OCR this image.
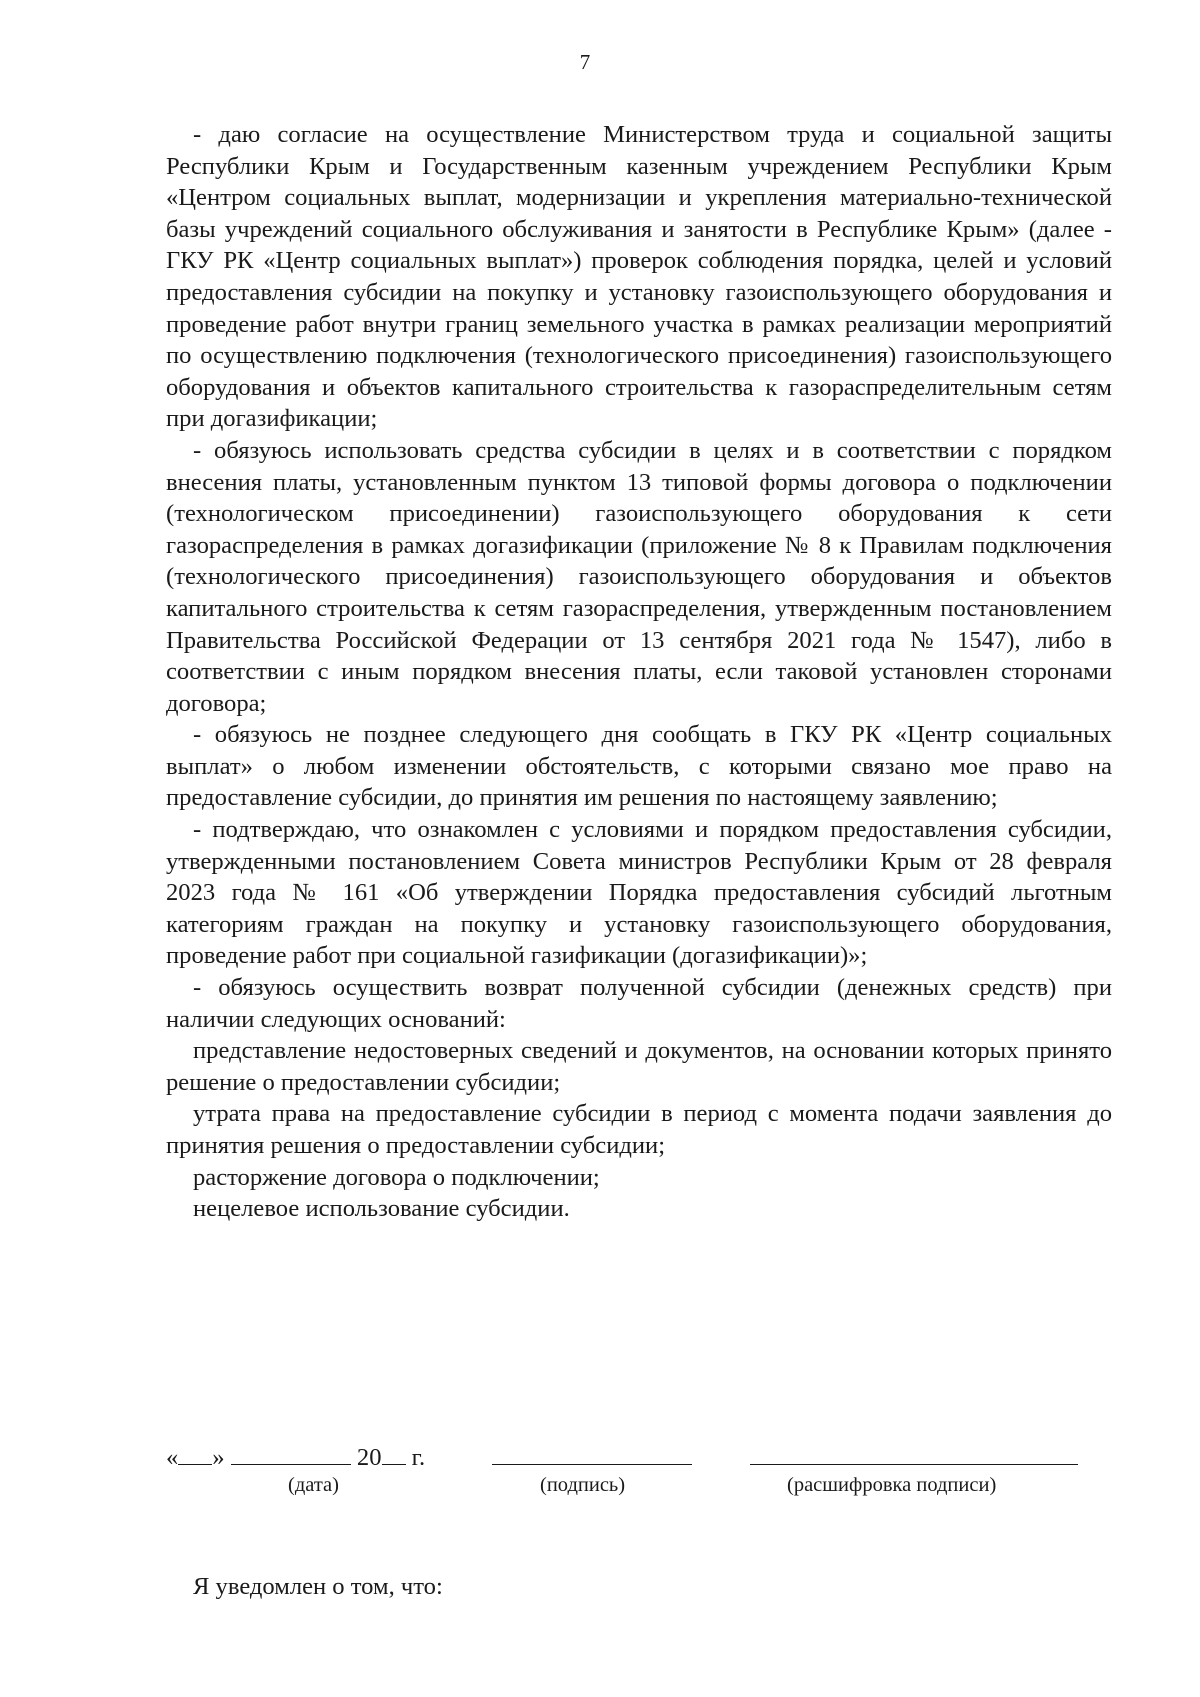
7

- даю согласие на осуществление Министерством труда и социальной защиты Республики Крым и Государственным казенным учреждением Республики Крым «Центром социальных выплат, модернизации и укрепления материально-технической базы учреждений социального обслуживания и занятости в Республике Крым» (далее - ГКУ РК «Центр социальных выплат») проверок соблюдения порядка, целей и условий предоставления субсидии на покупку и установку газоиспользующего оборудования и проведение работ внутри границ земельного участка в рамках реализации мероприятий по осуществлению подключения (технологического присоединения) газоиспользующего оборудования и объектов капитального строительства к газораспределительным сетям при догазификации;

- обязуюсь использовать средства субсидии в целях и в соответствии с порядком внесения платы, установленным пунктом 13 типовой формы договора о подключении (технологическом присоединении) газоиспользующего оборудования к сети газораспределения в рамках догазификации (приложение № 8 к Правилам подключения (технологического присоединения) газоиспользующего оборудования и объектов капитального строительства к сетям газораспределения, утвержденным постановлением Правительства Российской Федерации от 13 сентября 2021 года № 1547), либо в соответствии с иным порядком внесения платы, если таковой установлен сторонами договора;

- обязуюсь не позднее следующего дня сообщать в ГКУ РК «Центр социальных выплат» о любом изменении обстоятельств, с которыми связано мое право на предоставление субсидии, до принятия им решения по настоящему заявлению;

- подтверждаю, что ознакомлен с условиями и порядком предоставления субсидии, утвержденными постановлением Совета министров Республики Крым от 28 февраля 2023 года № 161 «Об утверждении Порядка предоставления субсидий льготным категориям граждан на покупку и установку газоиспользующего оборудования, проведение работ при социальной газификации (догазификации)»;

- обязуюсь осуществить возврат полученной субсидии (денежных средств) при наличии следующих оснований:

представление недостоверных сведений и документов, на основании которых принято решение о предоставлении субсидии;

утрата права на предоставление субсидии в период с момента подачи заявления до принятия решения о предоставлении субсидии;

расторжение договора о подключении;

нецелевое использование субсидии.

« »	20 г.
(дата)	(подпись)	(расшифровка подписи)
Я уведомлен о том, что:
